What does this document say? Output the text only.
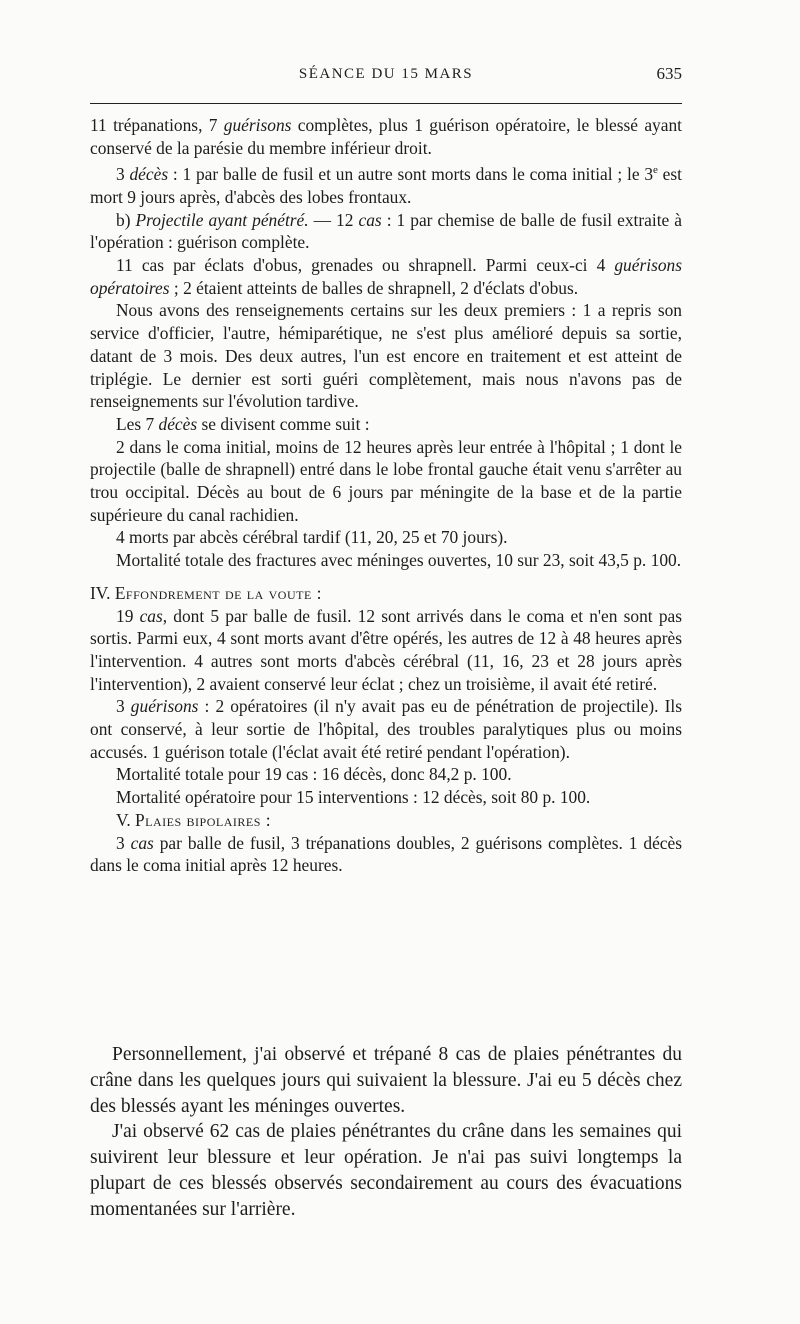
SÉANCE DU 15 MARS	635

11 trépanations, 7 guérisons complètes, plus 1 guérison opératoire, le blessé ayant conservé de la parésie du membre inférieur droit.

3 décès : 1 par balle de fusil et un autre sont morts dans le coma initial ; le 3e est mort 9 jours après, d'abcès des lobes frontaux.

b) Projectile ayant pénétré. — 12 cas : 1 par chemise de balle de fusil extraite à l'opération : guérison complète.

11 cas par éclats d'obus, grenades ou shrapnell. Parmi ceux-ci 4 guérisons opératoires ; 2 étaient atteints de balles de shrapnell, 2 d'éclats d'obus.

Nous avons des renseignements certains sur les deux premiers : 1 a repris son service d'officier, l'autre, hémiparétique, ne s'est plus amélioré depuis sa sortie, datant de 3 mois. Des deux autres, l'un est encore en traitement et est atteint de triplégie. Le dernier est sorti guéri complètement, mais nous n'avons pas de renseignements sur l'évolution tardive.

Les 7 décès se divisent comme suit :

2 dans le coma initial, moins de 12 heures après leur entrée à l'hôpital ; 1 dont le projectile (balle de shrapnell) entré dans le lobe frontal gauche était venu s'arrêter au trou occipital. Décès au bout de 6 jours par méningite de la base et de la partie supérieure du canal rachidien.

4 morts par abcès cérébral tardif (11, 20, 25 et 70 jours).

Mortalité totale des fractures avec méninges ouvertes, 10 sur 23, soit 43,5 p. 100.

IV. Effondrement de la voute :

19 cas, dont 5 par balle de fusil. 12 sont arrivés dans le coma et n'en sont pas sortis. Parmi eux, 4 sont morts avant d'être opérés, les autres de 12 à 48 heures après l'intervention. 4 autres sont morts d'abcès cérébral (11, 16, 23 et 28 jours après l'intervention), 2 avaient conservé leur éclat ; chez un troisième, il avait été retiré.

3 guérisons : 2 opératoires (il n'y avait pas eu de pénétration de projectile). Ils ont conservé, à leur sortie de l'hôpital, des troubles paralytiques plus ou moins accusés. 1 guérison totale (l'éclat avait été retiré pendant l'opération).

Mortalité totale pour 19 cas : 16 décès, donc 84,2 p. 100.

Mortalité opératoire pour 15 interventions : 12 décès, soit 80 p. 100.

V. Plaies bipolaires :

3 cas par balle de fusil, 3 trépanations doubles, 2 guérisons complètes. 1 décès dans le coma initial après 12 heures.

Personnellement, j'ai observé et trépané 8 cas de plaies pénétrantes du crâne dans les quelques jours qui suivaient la blessure. J'ai eu 5 décès chez des blessés ayant les méninges ouvertes.

J'ai observé 62 cas de plaies pénétrantes du crâne dans les semaines qui suivirent leur blessure et leur opération. Je n'ai pas suivi longtemps la plupart de ces blessés observés secondairement au cours des évacuations momentanées sur l'arrière.
